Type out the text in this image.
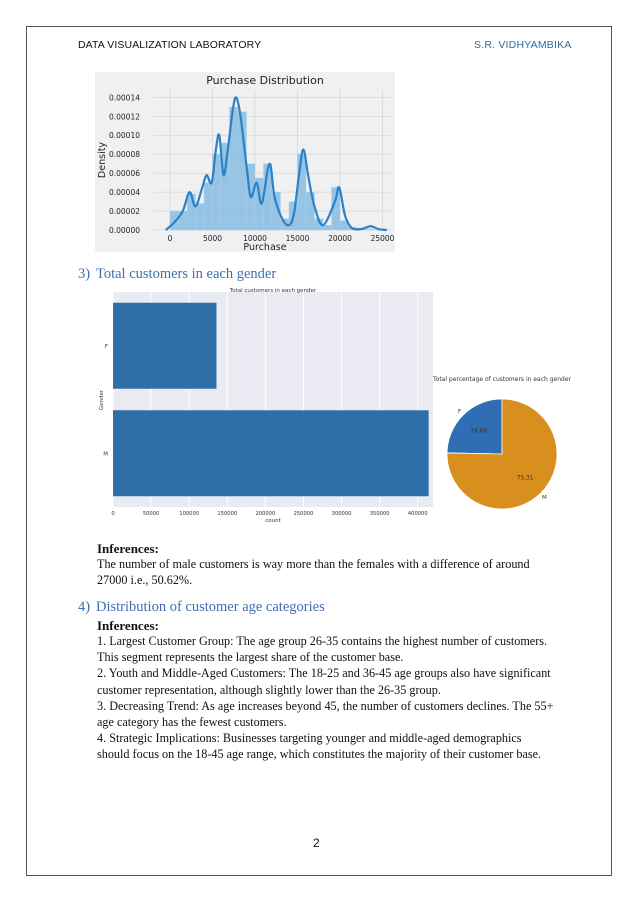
DATA VISUALIZATION LABORATORY	S.R. VIDHYAMBIKA
Purchase Distribution
0.00000
0.00002
0.00004
0.00006
0.00008
0.00010
0.00012
0.00014
0	5000	10000 15000 20000 25000
Purchase
Density
3) Total customers in each gender
Total customers in each gender
F
M
0	50000	100000	150000	200000	250000	300000	350000	400000
count
Gender
Total percentage of customers in each gender
F
24.69
M
75.31
Inferences:
The number of male customers is way more than the females with a difference of around
27000 i.e., 50.62%.
4) Distribution of customer age categories
Inferences:
1. Largest Customer Group: The age group 26-35 contains the highest number of customers.
This segment represents the largest share of the customer base.
2. Youth and Middle-Aged Customers: The 18-25 and 36-45 age groups also have significant
customer representation, although slightly lower than the 26-35 group.
3. Decreasing Trend: As age increases beyond 45, the number of customers declines. The 55+
age category has the fewest customers.
4. Strategic Implications: Businesses targeting younger and middle-aged demographics
should focus on the 18-45 age range, which constitutes the majority of their customer base.
2
